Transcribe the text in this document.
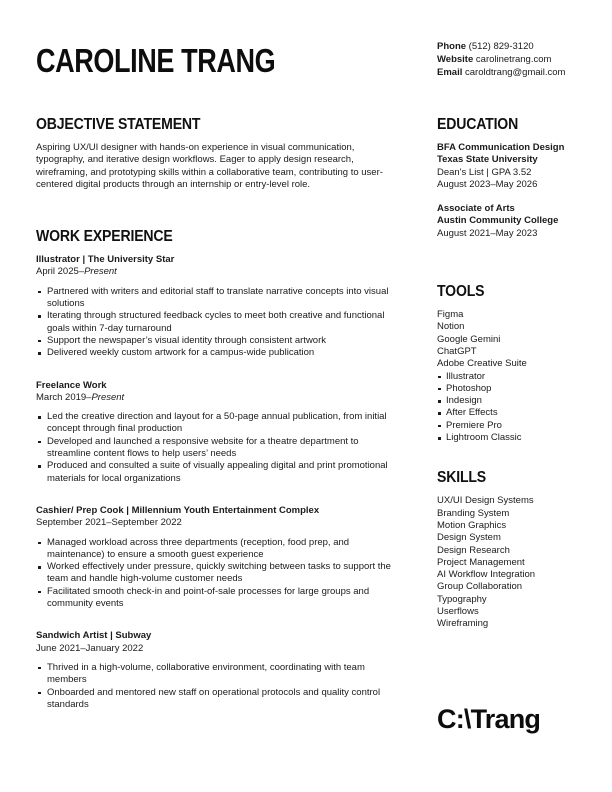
CAROLINE TRANG	Phone (512) 829-3120
Website carolinetrang.com
Email caroldtrang@gmail.com
OBJECTIVE STATEMENT

Aspiring UX/UI designer with hands-on experience in visual communication, typography, and iterative design workflows. Eager to apply design research, wireframing, and prototyping skills within a collaborative team, contributing to user-centered digital products through an internship or entry-level role.

WORK EXPERIENCE
Illustrator | The University Star
April 2025–Present
Partnered with writers and editorial staff to translate narrative concepts into visual solutions
Iterating through structured feedback cycles to meet both creative and functional goals within 7-day turnaround
Support the newspaper’s visual identity through consistent artwork
Delivered weekly custom artwork for a campus-wide publication
Freelance Work
March 2019–Present
Led the creative direction and layout for a 50-page annual publication, from initial concept through final production
Developed and launched a responsive website for a theatre department to streamline content flows to help users’ needs
Produced and consulted a suite of visually appealing digital and print promotional materials for local organizations
Cashier/ Prep Cook | Millennium Youth Entertainment Complex
September 2021–September 2022
Managed workload across three departments (reception, food prep, and maintenance) to ensure a smooth guest experience
Worked effectively under pressure, quickly switching between tasks to support the team and handle high-volume customer needs
Facilitated smooth check-in and point-of-sale processes for large groups and community events
Sandwich Artist | Subway
June 2021–January 2022
Thrived in a high-volume, collaborative environment, coordinating with team members
Onboarded and mentored new staff on operational protocols and quality control standards
EDUCATION
BFA Communication Design
Texas State University
Dean's List | GPA 3.52
August 2023–May 2026
Associate of Arts
Austin Community College
August 2021–May 2023
TOOLS
Figma
Notion
Google Gemini
ChatGPT
Adobe Creative Suite
Illustrator
Photoshop
Indesign
After Effects
Premiere Pro
Lightroom Classic
SKILLS
UX/UI Design Systems
Branding System
Motion Graphics
Design System
Design Research
Project Management
AI Workflow Integration
Group Collaboration
Typography
Userflows
Wireframing
C:\Trang
